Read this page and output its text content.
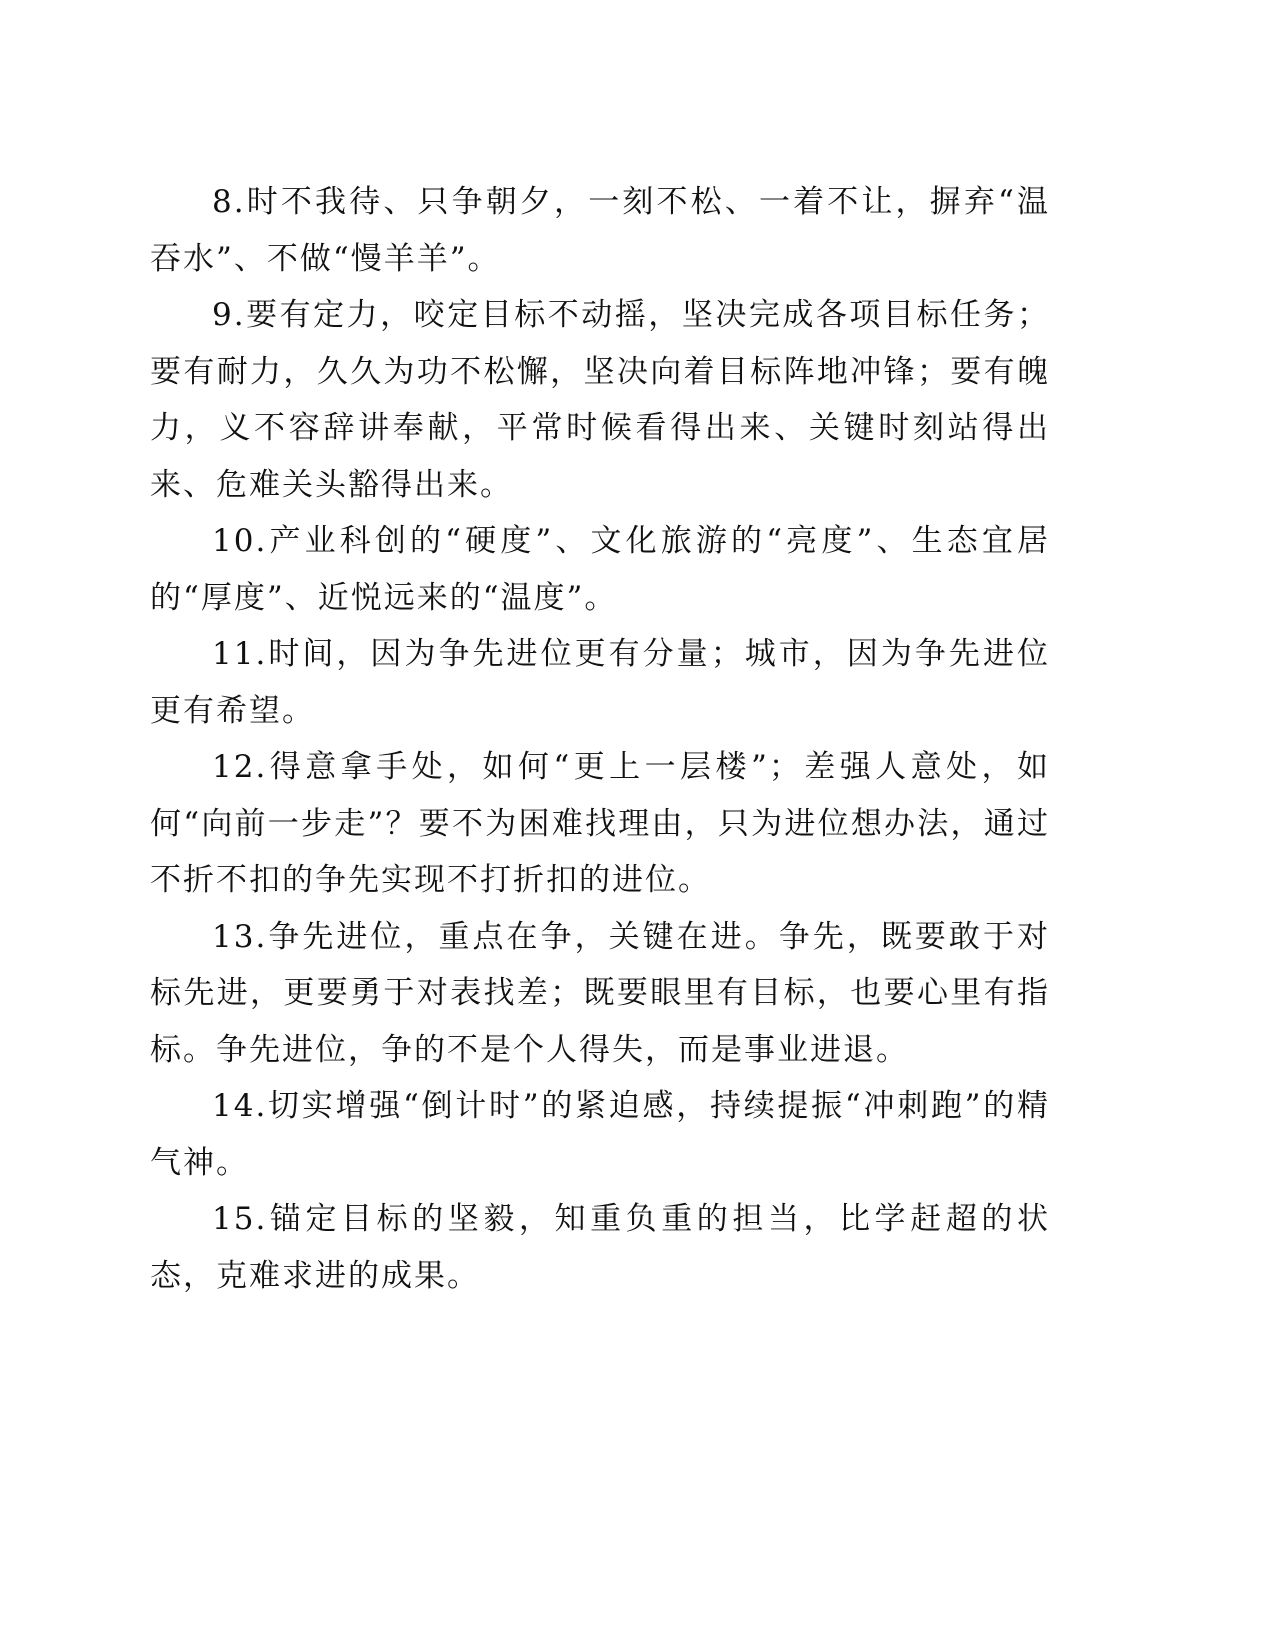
8.时不我待、只争朝夕，一刻不松、一着不让，摒弃“温吞水”、不做“慢羊羊”。

9.要有定力，咬定目标不动摇，坚决完成各项目标任务；要有耐力，久久为功不松懈，坚决向着目标阵地冲锋；要有魄力，义不容辞讲奉献，平常时候看得出来、关键时刻站得出来、危难关头豁得出来。

10.产业科创的“硬度”、文化旅游的“亮度”、生态宜居的“厚度”、近悦远来的“温度”。

11.时间，因为争先进位更有分量；城市，因为争先进位更有希望。

12.得意拿手处，如何“更上一层楼”；差强人意处，如何“向前一步走”？要不为困难找理由，只为进位想办法，通过不折不扣的争先实现不打折扣的进位。

13.争先进位，重点在争，关键在进。争先，既要敢于对标先进，更要勇于对表找差；既要眼里有目标，也要心里有指标。争先进位，争的不是个人得失，而是事业进退。

14.切实增强“倒计时”的紧迫感，持续提振“冲刺跑”的精气神。

15.锚定目标的坚毅，知重负重的担当，比学赶超的状态，克难求进的成果。
